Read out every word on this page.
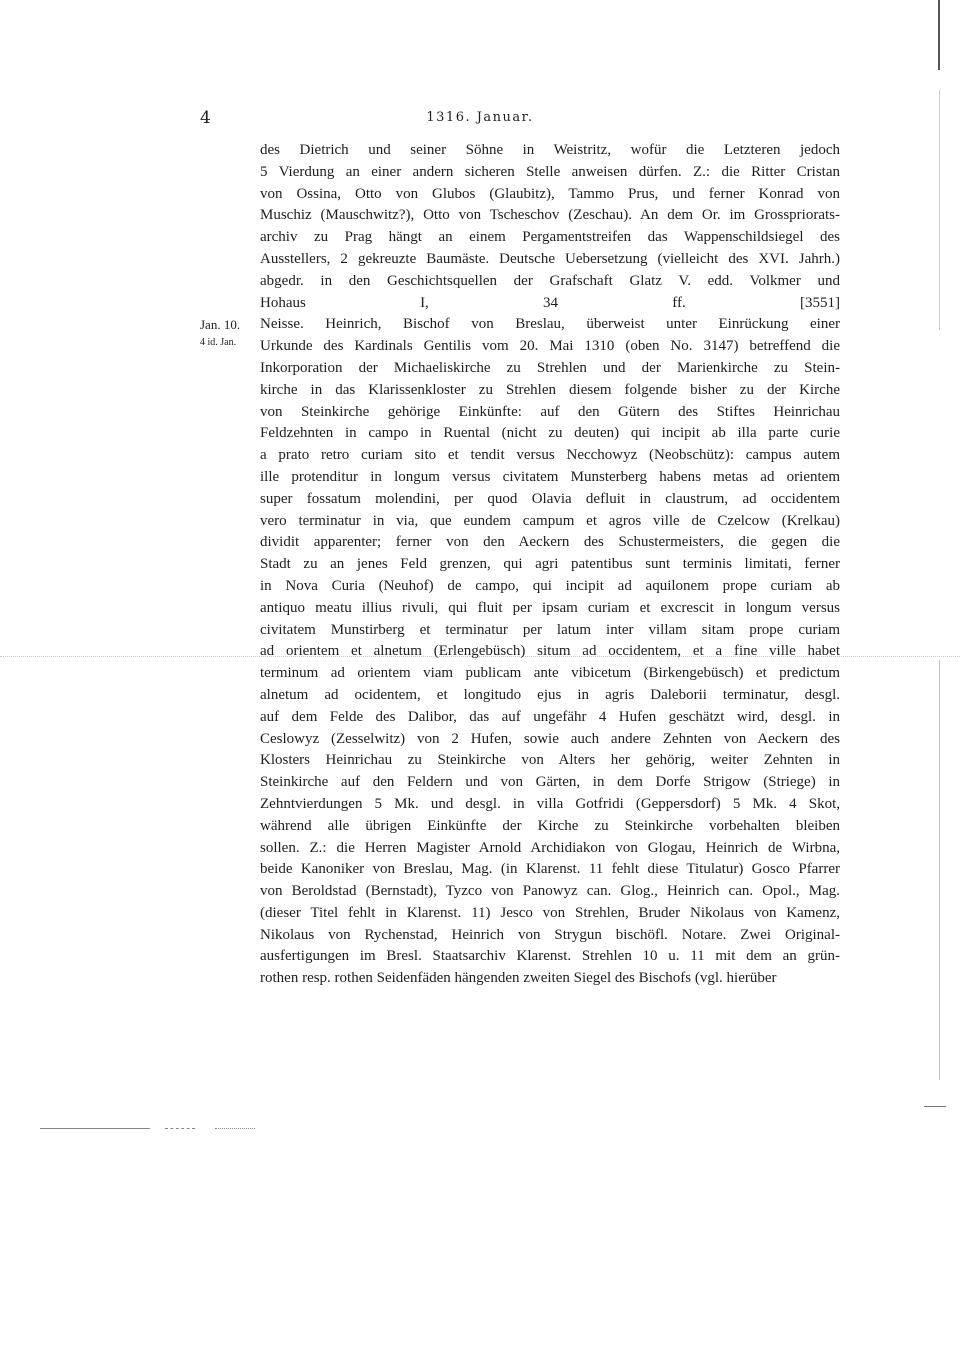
4	1316. Januar.
Jan. 10.
4 id. Jan.
des Dietrich und seiner Söhne in Weistritz, wofür die Letzteren jedoch
5 Vierdung an einer andern sicheren Stelle anweisen dürfen. Z.: die Ritter Cristan
von Ossina, Otto von Glubos (Glaubitz), Tammo Prus, und ferner Konrad von
Muschiz (Mauschwitz?), Otto von Tscheschov (Zeschau). An dem Or. im Grosspriorats-
archiv zu Prag hängt an einem Pergamentstreifen das Wappenschildsiegel des
Ausstellers, 2 gekreuzte Baumäste. Deutsche Uebersetzung (vielleicht des XVI. Jahrh.)
abgedr. in den Geschichtsquellen der Grafschaft Glatz V. edd. Volkmer und
Hohaus I, 34 ff. [3551]
Neisse. Heinrich, Bischof von Breslau, überweist unter Einrückung einer
Urkunde des Kardinals Gentilis vom 20. Mai 1310 (oben No. 3147) betreffend die
Inkorporation der Michaeliskirche zu Strehlen und der Marienkirche zu Stein-
kirche in das Klarissenkloster zu Strehlen diesem folgende bisher zu der Kirche
von Steinkirche gehörige Einkünfte: auf den Gütern des Stiftes Heinrichau
Feldzehnten in campo in Ruental (nicht zu deuten) qui incipit ab illa parte curie
a prato retro curiam sito et tendit versus Necchowyz (Neobschütz): campus autem
ille protenditur in longum versus civitatem Munsterberg habens metas ad orientem
super fossatum molendini, per quod Olavia defluit in claustrum, ad occidentem
vero terminatur in via, que eundem campum et agros ville de Czelcow (Krelkau)
dividit apparenter; ferner von den Aeckern des Schustermeisters, die gegen die
Stadt zu an jenes Feld grenzen, qui agri patentibus sunt terminis limitati, ferner
in Nova Curia (Neuhof) de campo, qui incipit ad aquilonem prope curiam ab
antiquo meatu illius rivuli, qui fluit per ipsam curiam et excrescit in longum versus
civitatem Munstirberg et terminatur per latum inter villam sitam prope curiam
ad orientem et alnetum (Erlengebüsch) situm ad occidentem, et a fine ville habet
terminum ad orientem viam publicam ante vibicetum (Birkengebüsch) et predictum
alnetum ad ocidentem, et longitudo ejus in agris Daleborii terminatur, desgl.
auf dem Felde des Dalibor, das auf ungefähr 4 Hufen geschätzt wird, desgl. in
Ceslowyz (Zesselwitz) von 2 Hufen, sowie auch andere Zehnten von Aeckern des
Klosters Heinrichau zu Steinkirche von Alters her gehörig, weiter Zehnten in
Steinkirche auf den Feldern und von Gärten, in dem Dorfe Strigow (Striege) in
Zehntvierdungen 5 Mk. und desgl. in villa Gotfridi (Geppersdorf) 5 Mk. 4 Skot,
während alle übrigen Einkünfte der Kirche zu Steinkirche vorbehalten bleiben
sollen. Z.: die Herren Magister Arnold Archidiakon von Glogau, Heinrich de Wirbna,
beide Kanoniker von Breslau, Mag. (in Klarenst. 11 fehlt diese Titulatur) Gosco Pfarrer
von Beroldstad (Bernstadt), Tyzco von Panowyz can. Glog., Heinrich can. Opol., Mag.
(dieser Titel fehlt in Klarenst. 11) Jesco von Strehlen, Bruder Nikolaus von Kamenz,
Nikolaus von Rychenstad, Heinrich von Strygun bischöfl. Notare. Zwei Original-
ausfertigungen im Bresl. Staatsarchiv Klarenst. Strehlen 10 u. 11 mit dem an grün-
rothen resp. rothen Seidenfäden hängenden zweiten Siegel des Bischofs (vgl. hierüber
